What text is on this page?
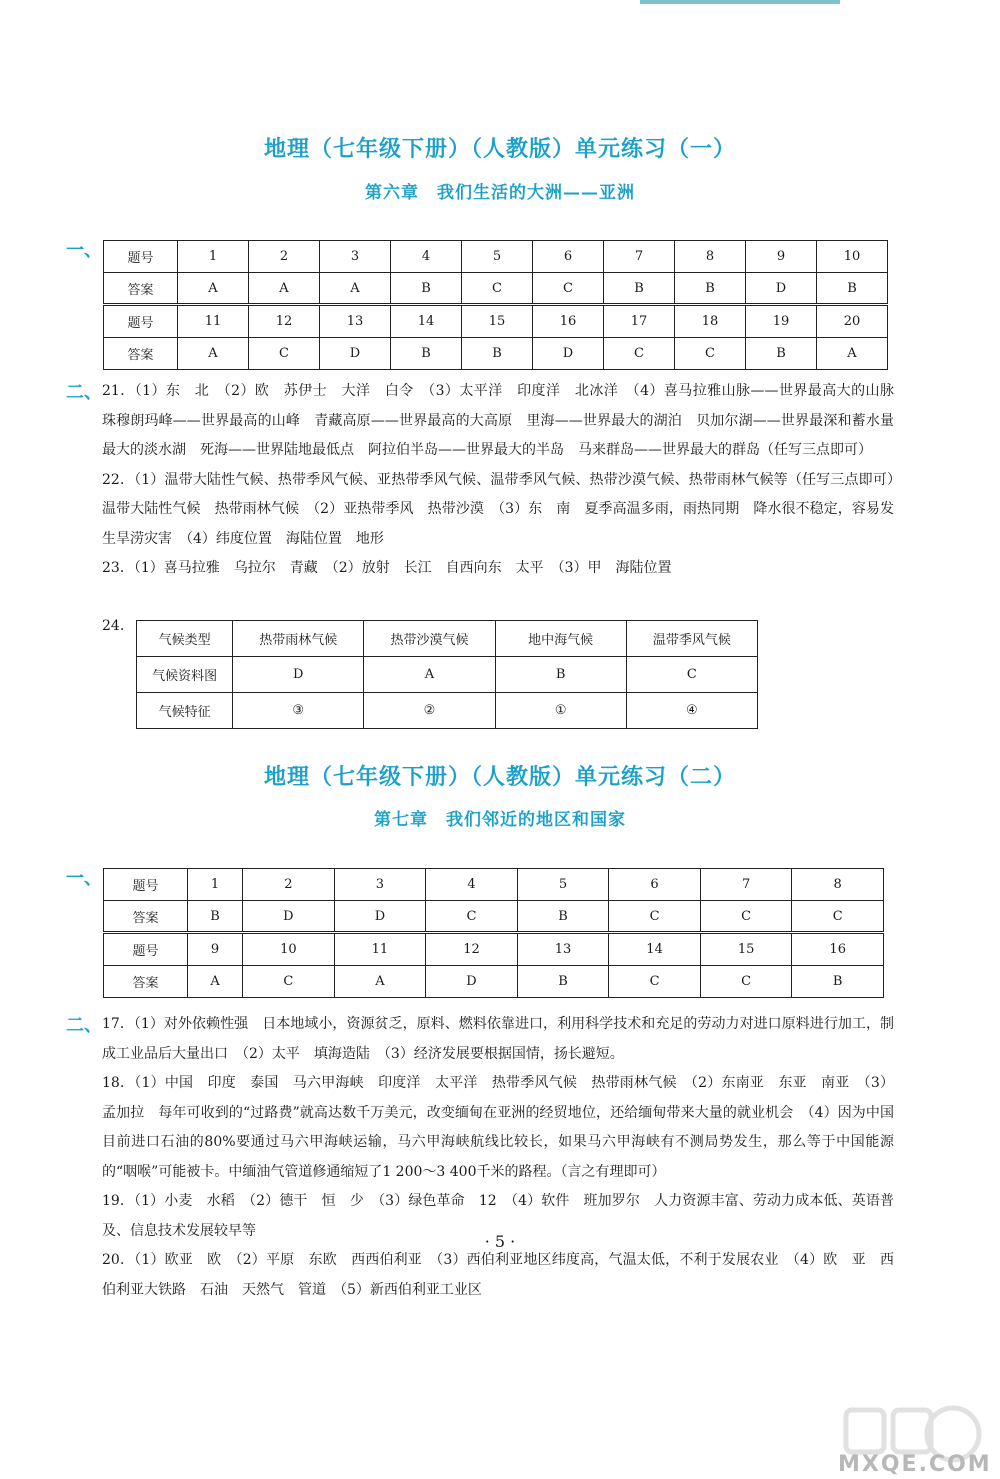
地理（七年级下册）（人教版）单元练习（一）
第六章　我们生活的大洲——亚洲
一、 题号	1	2	3	4	5	6	7	8	9	10
答案	A	A	A	B	C	C	B	B	D	B
题号	11	12	13	14	15	16	17	18	19	20
答案	A	C	D	B	B	D	C	C	B	A
二、 21．（1）东　北　（2）欧　苏伊士　大洋　白令　（3）太平洋　印度洋　北冰洋　（4）喜马拉雅山脉——世界最高大的山脉　珠穆朗玛峰——世界最高的山峰　青藏高原——世界最高的大高原　里海——世界最大的湖泊　贝加尔湖——世界最深和蓄水量最大的淡水湖　死海——世界陆地最低点　阿拉伯半岛——世界最大的半岛　马来群岛——世界最大的群岛（任写三点即可）

22．（1）温带大陆性气候、热带季风气候、亚热带季风气候、温带季风气候、热带沙漠气候、热带雨林气候等（任写三点即可）　温带大陆性气候　热带雨林气候　（2）亚热带季风　热带沙漠　（3）东　南　夏季高温多雨，雨热同期　降水很不稳定，容易发生旱涝灾害　（4）纬度位置　海陆位置　地形

23．（1）喜马拉雅　乌拉尔　青藏　（2）放射　长江　自西向东　太平　（3）甲　海陆位置

24.
气候类型	热带雨林气候	热带沙漠气候	地中海气候	温带季风气候
气候资料图	D	A	B	C
气候特征	③	②	①	④
地理（七年级下册）（人教版）单元练习（二）
第七章　我们邻近的地区和国家
一、 题号	1	2	3	4	5	6	7	8
答案	B	D	D	C	B	C	C	C
题号	9	10	11	12	13	14	15	16
答案	A	C	A	D	B	C	C	B
二、 17．（1）对外依赖性强　日本地域小，资源贫乏，原料、燃料依靠进口，利用科学技术和充足的劳动力对进口原料进行加工，制成工业品后大量出口　（2）太平　填海造陆　（3）经济发展要根据国情，扬长避短。

18．（1）中国　印度　泰国　马六甲海峡　印度洋　太平洋　热带季风气候　热带雨林气候　（2）东南亚　东亚　南亚　（3）孟加拉　每年可收到的“过路费”就高达数千万美元，改变缅甸在亚洲的经贸地位，还给缅甸带来大量的就业机会　（4）因为中国目前进口石油的80%要通过马六甲海峡运输，马六甲海峡航线比较长，如果马六甲海峡有不测局势发生，那么等于中国能源的“咽喉”可能被卡。中缅油气管道修通缩短了1 200～3 400千米的路程。（言之有理即可）

19．（1）小麦　水稻　（2）德干　恒　少　（3）绿色革命　12　（4）软件　班加罗尔　人力资源丰富、劳动力成本低、英语普及、信息技术发展较早等

20．（1）欧亚　欧　（2）平原　东欧　西西伯利亚　（3）西伯利亚地区纬度高，气温太低，不利于发展农业　（4）欧　亚　西伯利亚大铁路　石油　天然气　管道　（5）新西伯利亚工业区

· 5 ·
MXQE.COM
